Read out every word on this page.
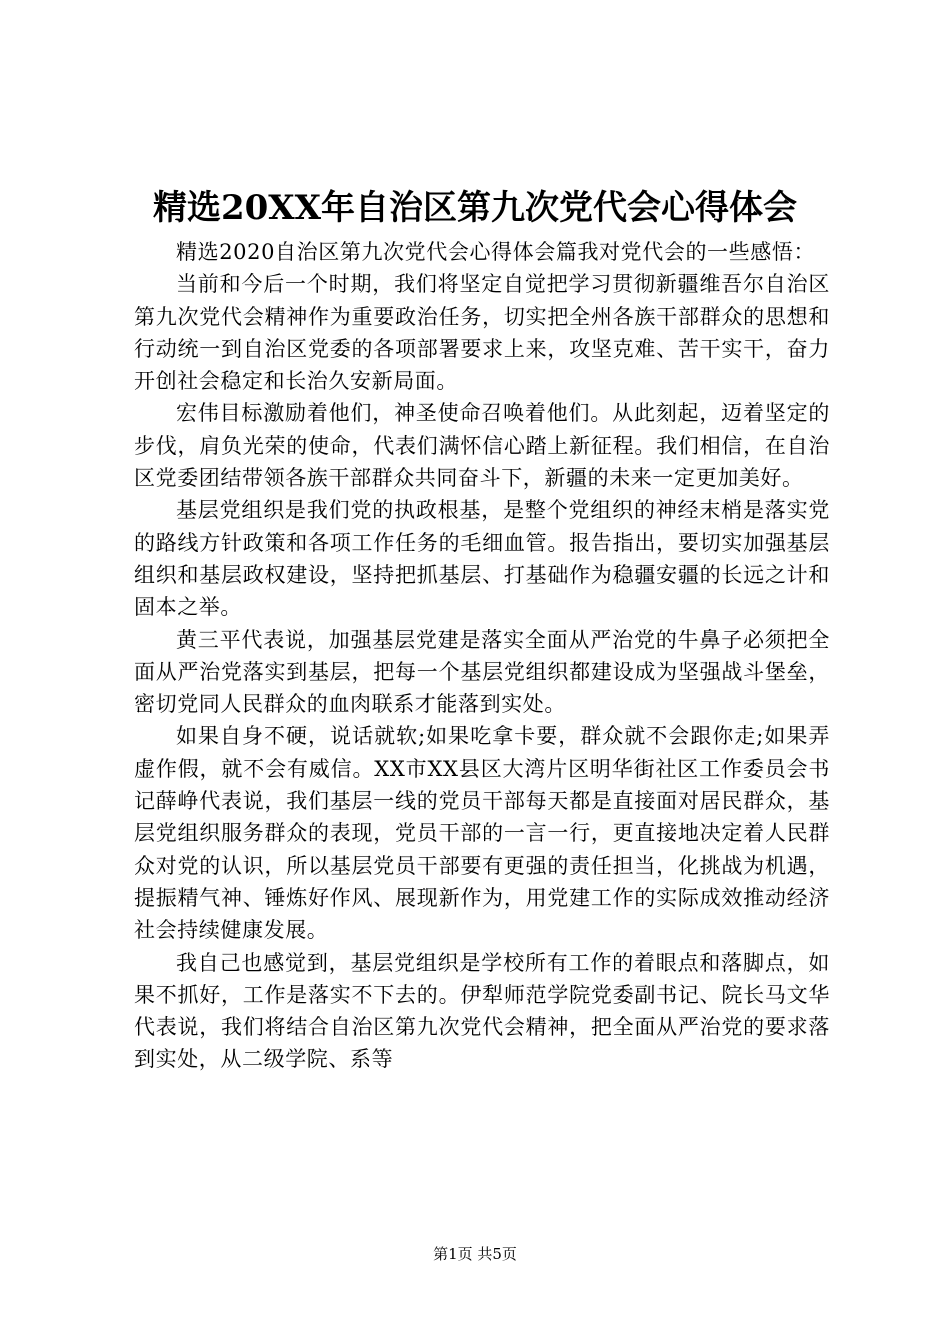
精选20XX年自治区第九次党代会心得体会

精选2020自治区第九次党代会心得体会篇我对党代会的一些感悟：

当前和今后一个时期，我们将坚定自觉把学习贯彻新疆维吾尔自治区第九次党代会精神作为重要政治任务，切实把全州各族干部群众的思想和行动统一到自治区党委的各项部署要求上来，攻坚克难、苦干实干，奋力开创社会稳定和长治久安新局面。

宏伟目标激励着他们，神圣使命召唤着他们。从此刻起，迈着坚定的步伐，肩负光荣的使命，代表们满怀信心踏上新征程。我们相信，在自治区党委团结带领各族干部群众共同奋斗下，新疆的未来一定更加美好。

基层党组织是我们党的执政根基，是整个党组织的神经末梢是落实党的路线方针政策和各项工作任务的毛细血管。报告指出，要切实加强基层组织和基层政权建设，坚持把抓基层、打基础作为稳疆安疆的长远之计和固本之举。

黄三平代表说，加强基层党建是落实全面从严治党的牛鼻子必须把全面从严治党落实到基层，把每一个基层党组织都建设成为坚强战斗堡垒，密切党同人民群众的血肉联系才能落到实处。

如果自身不硬，说话就软;如果吃拿卡要，群众就不会跟你走;如果弄虚作假，就不会有威信。XX市XX县区大湾片区明华街社区工作委员会书记薛峥代表说，我们基层一线的党员干部每天都是直接面对居民群众，基层党组织服务群众的表现，党员干部的一言一行，更直接地决定着人民群众对党的认识，所以基层党员干部要有更强的责任担当，化挑战为机遇，提振精气神、锤炼好作风、展现新作为，用党建工作的实际成效推动经济社会持续健康发展。

我自己也感觉到，基层党组织是学校所有工作的着眼点和落脚点，如果不抓好，工作是落实不下去的。伊犁师范学院党委副书记、院长马文华代表说，我们将结合自治区第九次党代会精神，把全面从严治党的要求落到实处，从二级学院、系等

第1页 共5页
